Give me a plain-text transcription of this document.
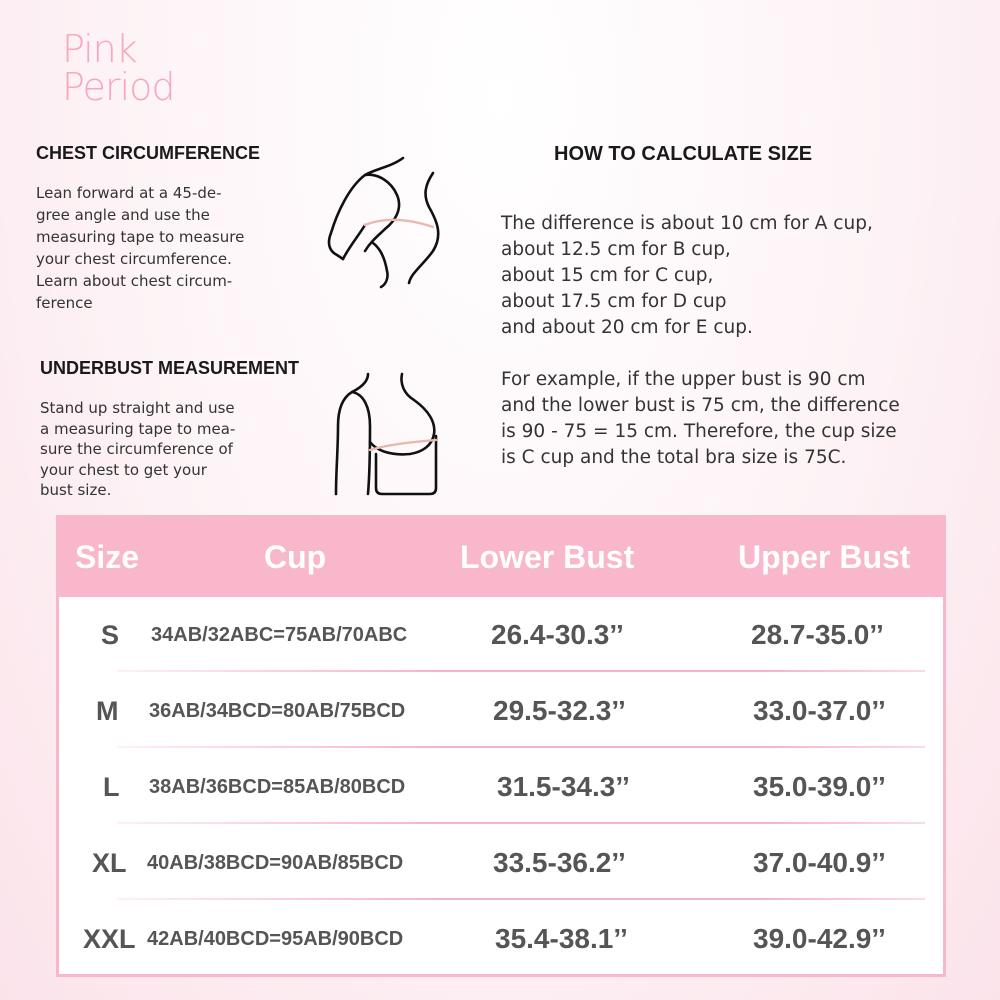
Pink
Period
CHEST CIRCUMFERENCE
Lean forward at a 45-de-
gree angle and use the
measuring tape to measure
your chest circumference.
Learn about chest circum-
ference
UNDERBUST MEASUREMENT
Stand up straight and use
a measuring tape to mea-
sure the circumference of
your chest to get your
bust size.
HOW TO CALCULATE SIZE
The difference is about 10 cm for A cup,
about 12.5 cm for B cup,
about 15 cm for C cup,
about 17.5 cm for D cup
and about 20 cm for E cup.
For example, if the upper bust is 90 cm
and the lower bust is 75 cm, the difference
is 90 - 75 = 15 cm. Therefore, the cup size
is C cup and the total bra size is 75C.
Size	Cup	Lower Bust	Upper Bust
S 34AB/32ABC=75AB/70ABC	26.4-30.3’’	28.7-35.0’’
M 36AB/34BCD=80AB/75BCD	29.5-32.3’’	33.0-37.0’’
L 38AB/36BCD=85AB/80BCD	31.5-34.3’’	35.0-39.0’’
XL 40AB/38BCD=90AB/85BCD	33.5-36.2’’	37.0-40.9’’
XXL 42AB/40BCD=95AB/90BCD	35.4-38.1’’	39.0-42.9’’
